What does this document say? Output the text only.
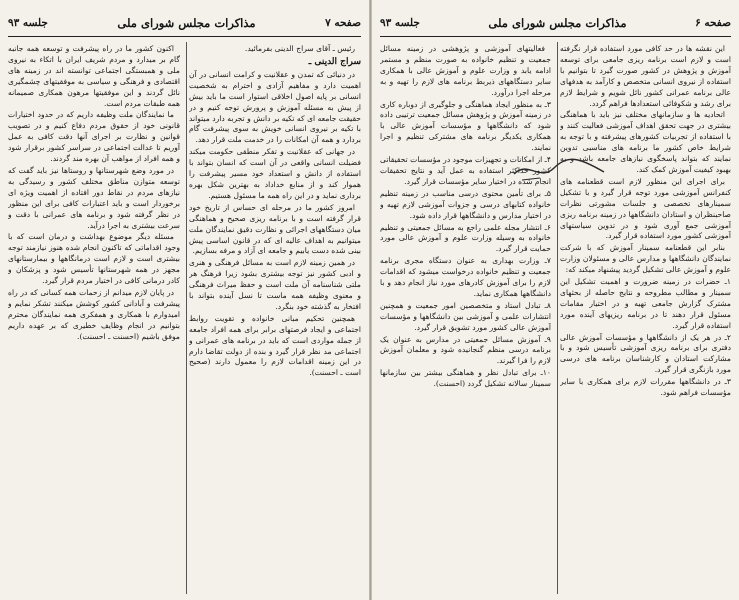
صفحه ۷
مذاکرات مجلس شورای ملی
جلسه ۹۳

رئیس ـ آقای سراج الدینی بفرمائید.

سراج الدینی ـ

در دنیائی که تمدن و عقلانیت و کرامت انسانی در آن اهمیت دارد و مفاهیم آزادی و احترام به شخصیت انسانی بر پایه اصول اخلاقی استوار است ما باید بیش از پیش به مسئله آموزش و پرورش توجه کنیم و در حقیقت جامعه ای که تکیه بر دانش و تجربه دارد میتواند با تکیه بر نیروی انسانی خویش به سوی پیشرفت گام بردارد و همه آن امکانات را در خدمت ملت قرار دهد.

در جهانی که عقلانیت و تفکر منطقی حکومت میکند فضیلت انسانی واقعی در آن است که انسان بتواند با استفاده از دانش و استعداد خود مسیر پیشرفت را هموار کند و از منابع خداداد به بهترین شکل بهره برداری نماید و در این راه همه ما مسئول هستیم.

امروز کشور ما در مرحله ای حساس از تاریخ خود قرار گرفته است و با برنامه ریزی صحیح و هماهنگی میان دستگاههای اجرائی و نظارت دقیق نمایندگان ملت میتوانیم به اهداف عالیه ای که در قانون اساسی پیش بینی شده دست یابیم و جامعه ای آزاد و مرفه بسازیم.

در همین زمینه لازم است به مسائل فرهنگی و هنری و ادبی کشور نیز توجه بیشتری بشود زیرا فرهنگ هر ملتی شناسنامه آن ملت است و حفظ میراث فرهنگی و معنوی وظیفه همه ماست تا نسل آینده بتواند با افتخار به گذشته خود بنگرد.

همچنین تحکیم مبانی خانواده و تقویت روابط اجتماعی و ایجاد فرصتهای برابر برای همه افراد جامعه از جمله مواردی است که باید در برنامه های عمرانی و اجتماعی مد نظر قرار گیرد و بنده از دولت تقاضا دارم در این زمینه اقدامات لازم را معمول دارند (صحیح است ـ احسنت).

اکنون کشور ما در راه پیشرفت و توسعه همه جانبه گام بر میدارد و مردم شریف ایران با اتکاء به نیروی ملی و همبستگی اجتماعی توانسته اند در زمینه های اقتصادی و فرهنگی و سیاسی به موفقیتهای چشمگیری نائل گردند و این موفقیتها مرهون همکاری صمیمانه همه طبقات مردم است.

ما نمایندگان ملت وظیفه داریم که در حدود اختیارات قانونی خود از حقوق مردم دفاع کنیم و در تصویب قوانین و نظارت بر اجرای آنها دقت کافی به عمل آوریم تا عدالت اجتماعی در سراسر کشور برقرار شود و همه افراد از مواهب آن بهره مند گردند.

در مورد وضع شهرستانها و روستاها نیز باید گفت که توسعه متوازن مناطق مختلف کشور و رسیدگی به نیازهای مردم در نقاط دور افتاده از اهمیت ویژه ای برخوردار است و باید اعتبارات کافی برای این منظور در نظر گرفته شود و برنامه های عمرانی با دقت و سرعت بیشتری به اجرا درآید.

مسئله دیگر موضوع بهداشت و درمان است که با وجود اقداماتی که تاکنون انجام شده هنوز نیازمند توجه بیشتری است و لازم است درمانگاهها و بیمارستانهای مجهز در همه شهرستانها تأسیس شود و پزشکان و کادر درمانی کافی در اختیار مردم قرار گیرد.

در پایان لازم میدانم از زحمات همه کسانی که در راه پیشرفت و آبادانی کشور کوشش میکنند تشکر نمایم و امیدوارم با همکاری و همفکری همه نمایندگان محترم بتوانیم در انجام وظایف خطیری که بر عهده داریم موفق باشیم (احسنت ـ احسنت).

صفحه ۶
مذاکرات مجلس شورای ملی
جلسه ۹۳

این نقشه ها در حد کافی مورد استفاده قرار نگرفته است و لازم است برنامه ریزی جامعی برای توسعه آموزش و پژوهش در کشور صورت گیرد تا بتوانیم با استفاده از نیروی انسانی متخصص و کارآمد به هدفهای عالی برنامه عمرانی کشور نائل شویم و شرایط لازم برای رشد و شکوفائی استعدادها فراهم گردد.

اتحادیه ها و سازمانهای مختلف نیز باید با هماهنگی بیشتری در جهت تحقق اهداف آموزشی فعالیت کنند و با استفاده از تجربیات کشورهای پیشرفته و با توجه به شرایط خاص کشور ما برنامه های مناسبی تدوین نمایند که بتواند پاسخگوی نیازهای جامعه باشد و به بهبود کیفیت آموزش کمک کند.

برای اجرای این منظور لازم است قطعنامه های کنفرانس آموزشی مورد توجه قرار گیرد و با تشکیل سمینارهای تخصصی و جلسات مشورتی نظرات صاحبنظران و استادان دانشگاهها در زمینه برنامه ریزی آموزشی جمع آوری شود و در تدوین سیاستهای آموزشی کشور مورد استفاده قرار گیرد.

بنابر این قطعنامه سمینار آموزش که با شرکت نمایندگان دانشگاهها و مدارس عالی و مسئولان وزارت علوم و آموزش عالی تشکیل گردید پیشنهاد میکند که:

۱ـ حضرات در زمینه ضرورت و اهمیت تشکیل این سمینار و مطالب مطروحه و نتایج حاصله از بحثهای مشترک گزارش جامعی تهیه و در اختیار مقامات مسئول قرار دهند تا در برنامه ریزیهای آینده مورد استفاده قرار گیرد.

۲ـ در هر یک از دانشگاهها و مؤسسات آموزش عالی دفتری برای برنامه ریزی آموزشی تأسیس شود و با مشارکت استادان و کارشناسان برنامه های درسی مورد بازنگری قرار گیرد.

۳ـ در دانشگاهها مقررات لازم برای همکاری با سایر مؤسسات فراهم شود.

فعالیتهای آموزشی و پژوهشی در زمینه مسائل جمعیت و تنظیم خانواده به صورت منظم و مستمر ادامه یابد و وزارت علوم و آموزش عالی با همکاری سایر دستگاههای ذیربط برنامه های لازم را تهیه و به مرحله اجرا درآورد.

۳ـ به منظور ایجاد هماهنگی و جلوگیری از دوباره کاری در زمینه آموزش و پژوهش مسائل جمعیت ترتیبی داده شود که دانشگاهها و مؤسسات آموزش عالی با همکاری یکدیگر برنامه های مشترکی تنظیم و اجرا نمایند.

۴ـ از امکانات و تجهیزات موجود در مؤسسات تحقیقاتی کشور حداکثر استفاده به عمل آید و نتایج تحقیقات انجام شده در اختیار سایر مؤسسات قرار گیرد.

۵ـ برای تأمین محتوی درسی مناسب در زمینه تنظیم خانواده کتابهای درسی و جزوات آموزشی لازم تهیه و در اختیار مدارس و دانشگاهها قرار داده شود.

۶ـ انتشار مجله علمی راجع به مسائل جمعیتی و تنظیم خانواده به وسیله وزارت علوم و آموزش عالی مورد حمایت قرار گیرد.

۷ـ وزارت بهداری به عنوان دستگاه مجری برنامه جمعیت و تنظیم خانواده درخواست میشود که اقدامات لازم را برای آموزش کادرهای مورد نیاز انجام دهد و با دانشگاهها همکاری نماید.

۸ـ تبادل استاد و متخصصین امور جمعیت و همچنین انتشارات علمی و آموزشی بین دانشگاهها و مؤسسات آموزش عالی کشور مورد تشویق قرار گیرد.

۹ـ آموزش مسائل جمعیتی در مدارس به عنوان یک برنامه درسی منظم گنجانیده شود و معلمان آموزش لازم را فرا گیرند.

۱۰ـ برای تبادل نظر و هماهنگی بیشتر بین سازمانها سمینار سالانه تشکیل گردد (احسنت).
